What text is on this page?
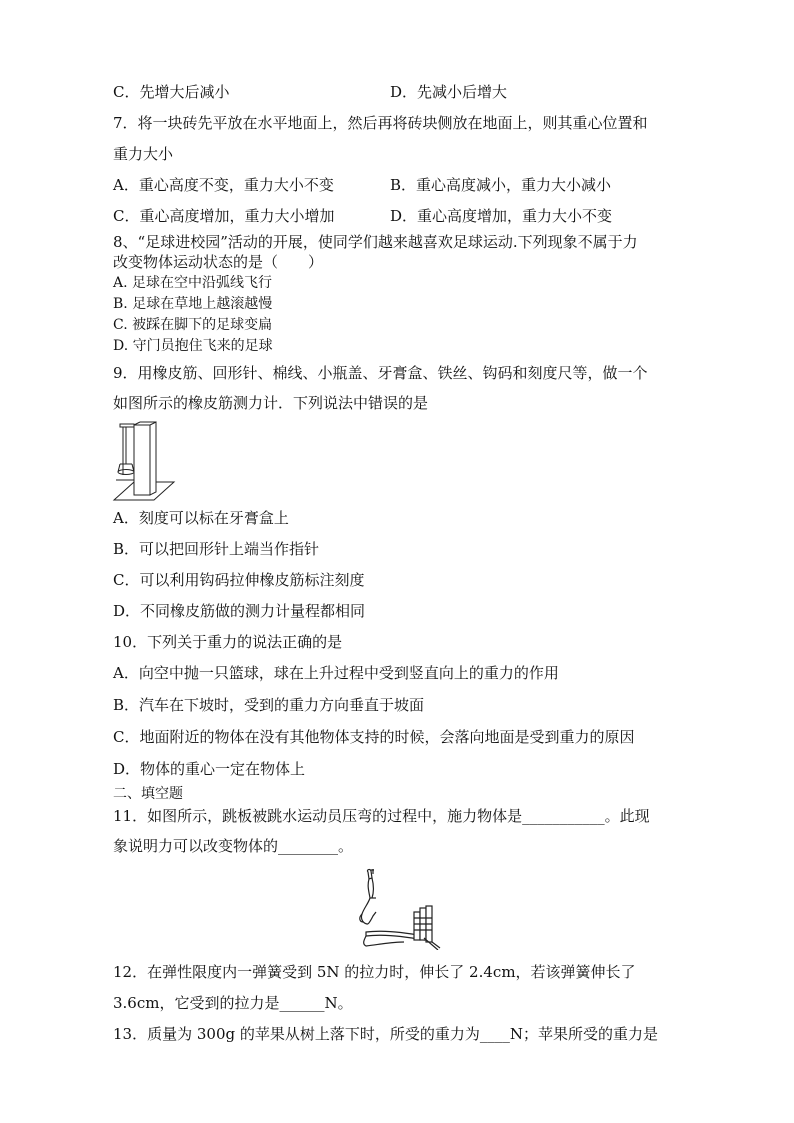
C．先增大后减小	D．先减小后增大
7．将一块砖先平放在水平地面上，然后再将砖块侧放在地面上，则其重心位置和
重力大小
A．重心高度不变，重力大小不变	B．重心高度减小，重力大小减小
C．重心高度增加，重力大小增加	D．重心高度增加，重力大小不变
8、“足球进校园”活动的开展，使同学们越来越喜欢足球运动.下列现象不属于力
改变物体运动状态的是（　　）
A. 足球在空中沿弧线飞行
B. 足球在草地上越滚越慢
C. 被踩在脚下的足球变扁
D. 守门员抱住飞来的足球
9．用橡皮筋、回形针、棉线、小瓶盖、牙膏盒、铁丝、钩码和刻度尺等，做一个
如图所示的橡皮筋测力计．下列说法中错误的是
A．刻度可以标在牙膏盒上
B．可以把回形针上端当作指针
C．可以利用钩码拉伸橡皮筋标注刻度
D．不同橡皮筋做的测力计量程都相同
10．下列关于重力的说法正确的是
A．向空中抛一只篮球，球在上升过程中受到竖直向上的重力的作用
B．汽车在下坡时，受到的重力方向垂直于坡面
C．地面附近的物体在没有其他物体支持的时候，会落向地面是受到重力的原因
D．物体的重心一定在物体上
二、填空题
11．如图所示，跳板被跳水运动员压弯的过程中，施力物体是___________。此现
象说明力可以改变物体的________。
12．在弹性限度内一弹簧受到 5N 的拉力时，伸长了 2.4cm，若该弹簧伸长了
3.6cm，它受到的拉力是______N。
13．质量为 300g 的苹果从树上落下时，所受的重力为____N；苹果所受的重力是
